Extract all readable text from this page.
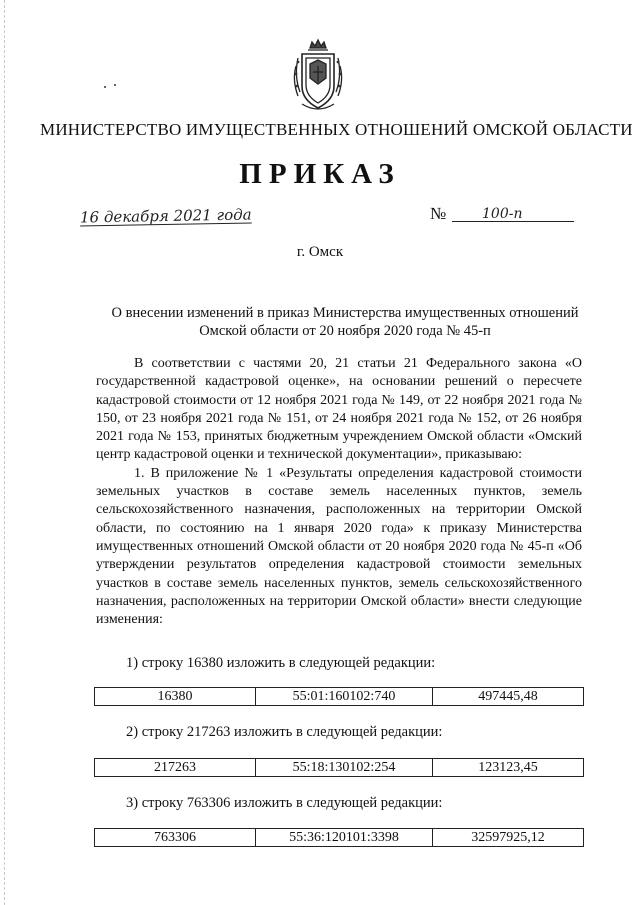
МИНИСТЕРСТВО ИМУЩЕСТВЕННЫХ ОТНОШЕНИЙ ОМСКОЙ ОБЛАСТИ
ПРИКАЗ
16 декабря 2021 года	№	100-п
г. Омск
О внесении изменений в приказ Министерства имущественных отношений Омской области от 20 ноября 2020 года № 45-п

В соответствии с частями 20, 21 статьи 21 Федерального закона «О государственной кадастровой оценке», на основании решений о пересчете кадастровой стоимости от 12 ноября 2021 года № 149, от 22 ноября 2021 года № 150, от 23 ноября 2021 года № 151, от 24 ноября 2021 года № 152, от 26 ноября 2021 года № 153, принятых бюджетным учреждением Омской области «Омский центр кадастровой оценки и технической документации», приказываю:

1. В приложение № 1 «Результаты определения кадастровой стоимости земельных участков в составе земель населенных пунктов, земель сельскохозяйственного назначения, расположенных на территории Омской области, по состоянию на 1 января 2020 года» к приказу Министерства имущественных отношений Омской области от 20 ноября 2020 года № 45-п «Об утверждении результатов определения кадастровой стоимости земельных участков в составе земель населенных пунктов, земель сельскохозяйственного назначения, расположенных на территории Омской области» внести следующие изменения:

1) строку 16380 изложить в следующей редакции:
16380	55:01:160102:740	497445,48
2) строку 217263 изложить в следующей редакции:
217263	55:18:130102:254	123123,45
3) строку 763306 изложить в следующей редакции:
763306	55:36:120101:3398	32597925,12
